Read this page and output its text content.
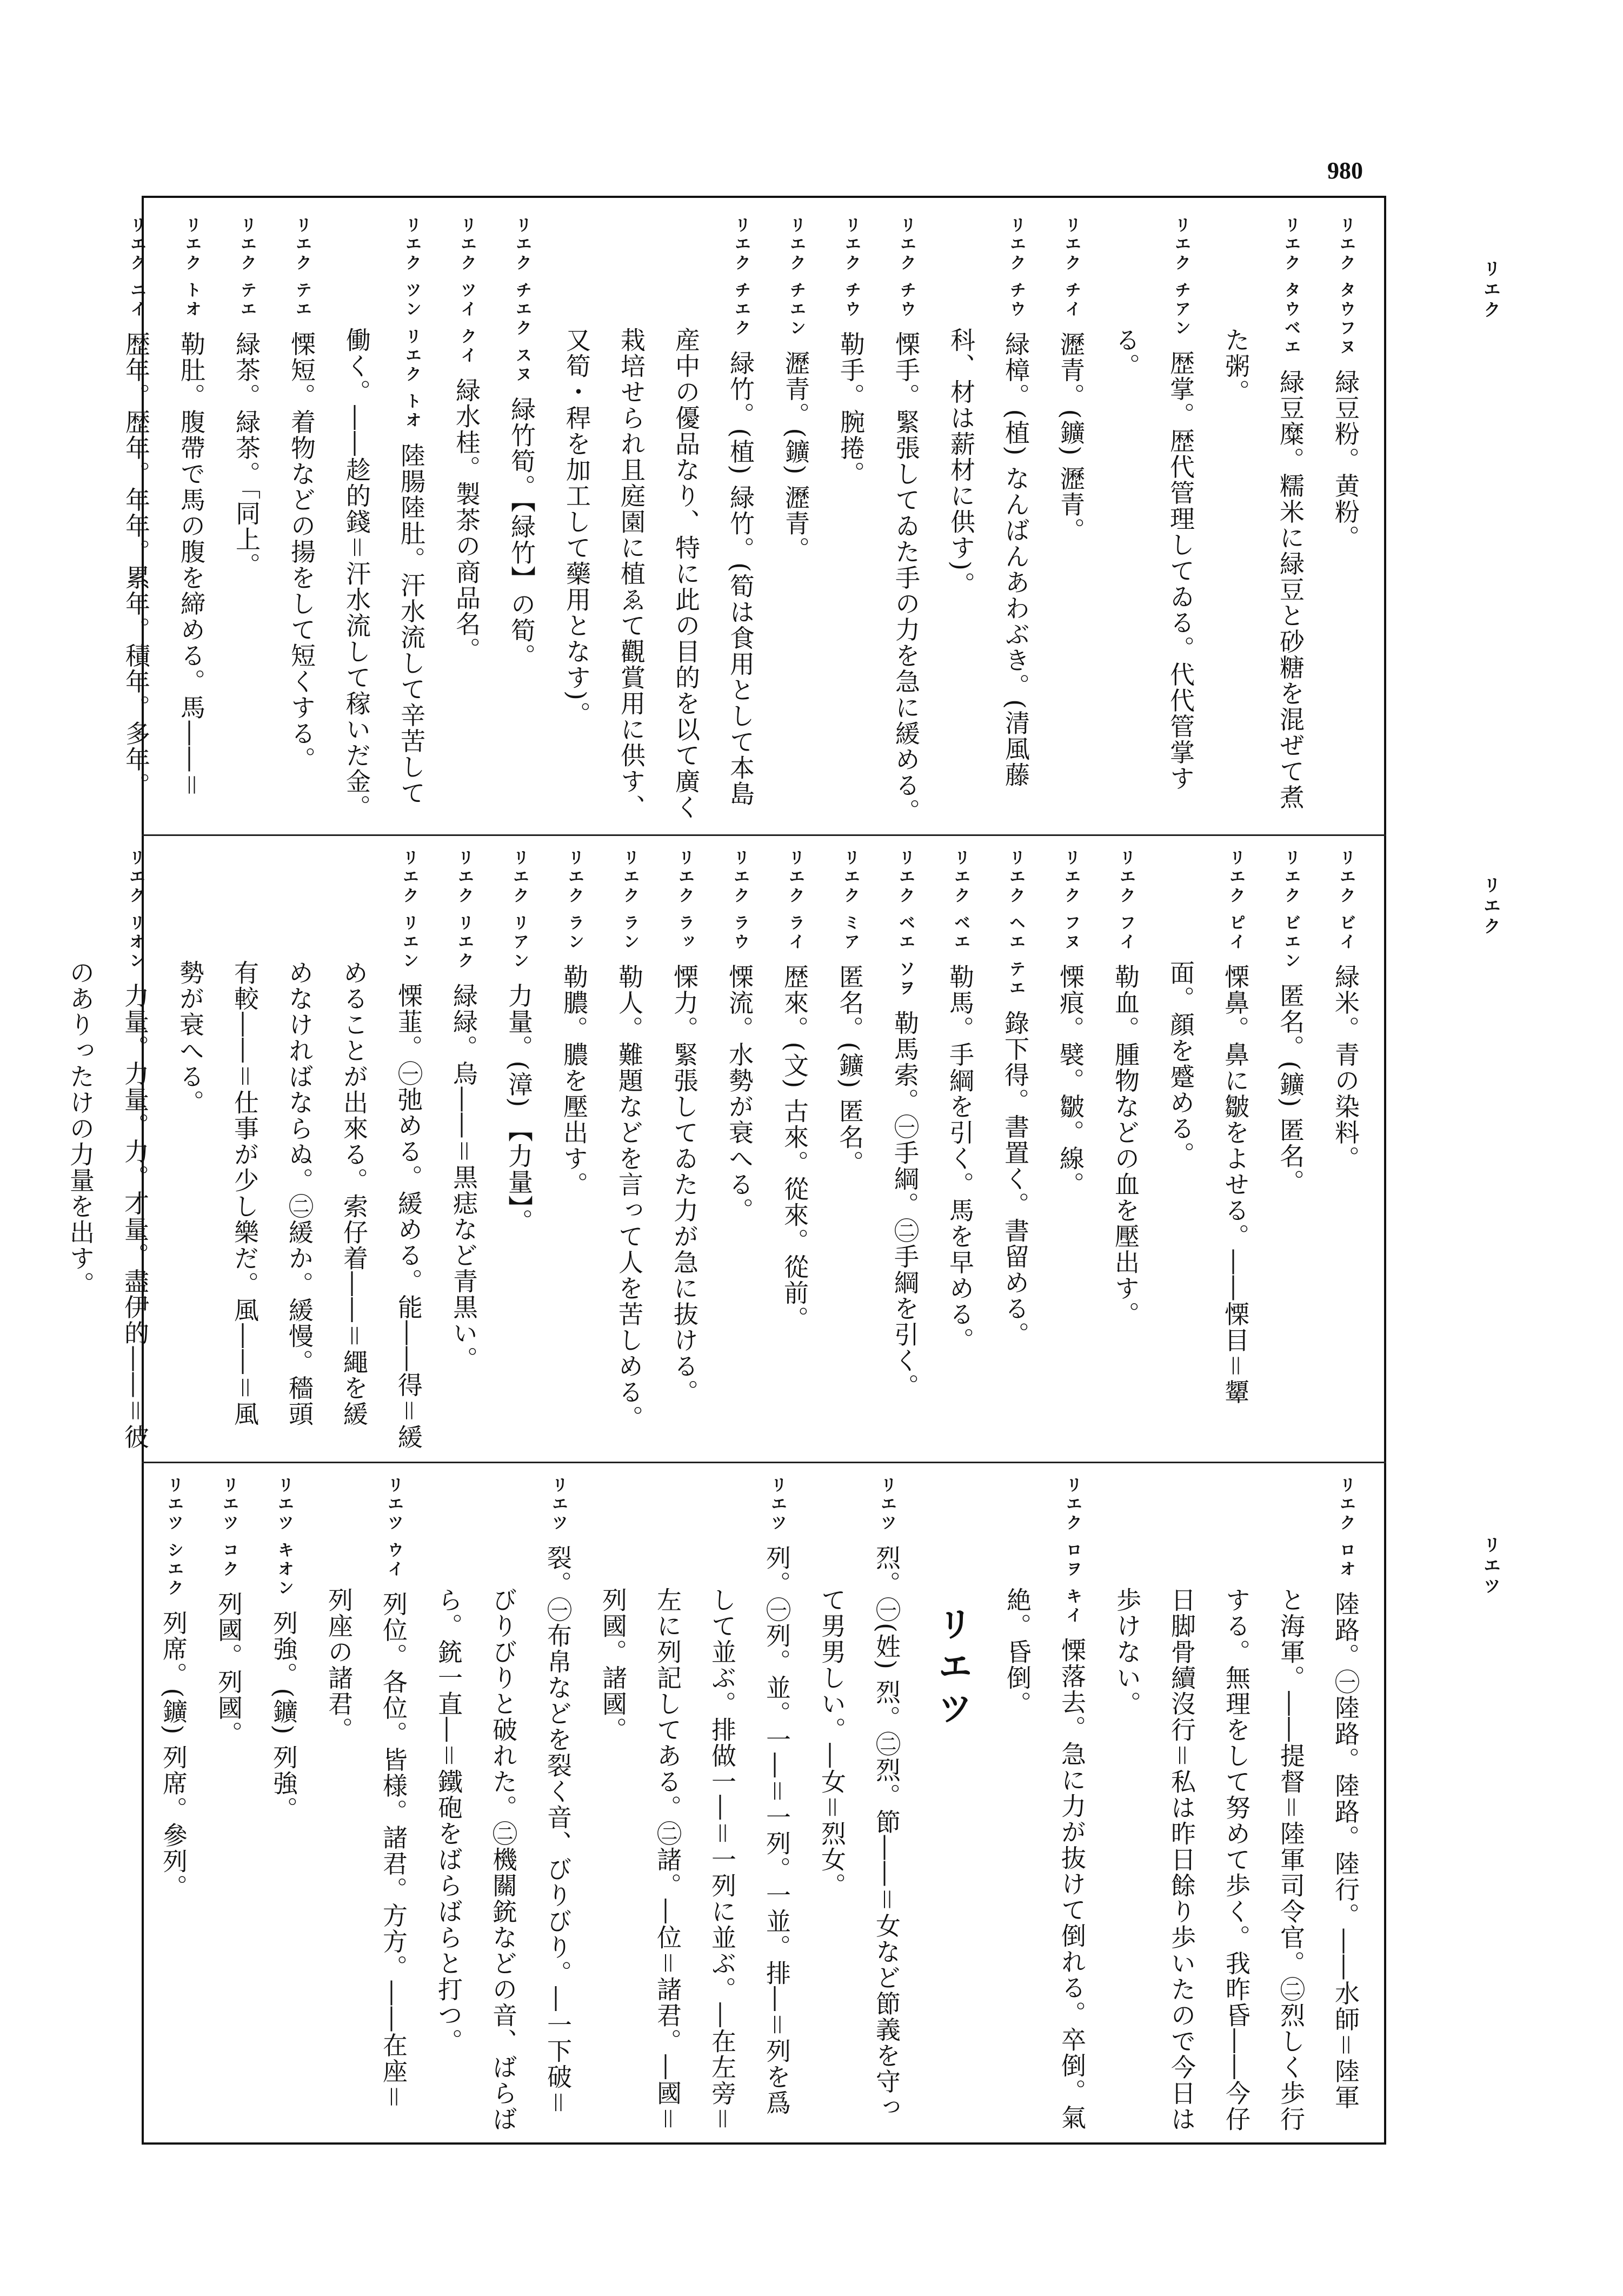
980
リエク
リエク
リエツ

リエク タウフヌ緑豆粉。黄粉。

リエク タウベエ緑豆糜。糯米に緑豆と砂糖を混ぜて煮た粥。

リエク チアン歴掌。歴代管理してゐる。代代管掌する。

リエク チイ瀝青。(鑛) 瀝青。

リエク チウ緑樟。(植) なんばんあわぶき。(清風藤科、材は薪材に供す)。

リエク チウ慄手。緊張してゐた手の力を急に緩める。

リエク チウ勒手。腕捲。

リエク チエン瀝青。(鑛) 瀝青。

リエク チエク緑竹。(植) 緑竹。(筍は食用として本島産中の優品なり、特に此の目的を以て廣く栽培せられ且庭園に植ゑて觀賞用に供す、又筍・稈を加工して藥用となす)。

リエク チエク スヌ緑竹筍。【緑竹】の筍。

リエク ツイ クイ緑水桂。製茶の商品名。

リエク ツン リエク トオ陸腸陸肚。汗水流して辛苦して働く。――趁的錢＝汗水流して稼いだ金。

リエク テエ慄短。着物などの揚をして短くする。

リエク テエ緑茶。緑茶。「同上。

リエク トオ勒肚。腹帶で馬の腹を締める。馬――＝

リエク ニイ歴年。歴年。年年。累年。積年。多年。

リエク ビイ緑米。青の染料。

リエク ビエン匿名。(鑛) 匿名。

リエク ピイ慄鼻。鼻に皺をよせる。――慄目＝顰面。顔を蹙める。

リエク フイ勒血。腫物などの血を壓出す。

リエク フヌ慄痕。襞。皺。線。

リエク ヘエ テエ錄下得。書置く。書留める。

リエク ベエ勒馬。手綱を引く。馬を早める。

リエク ベエ ソヲ勒馬索。㊀手綱。㊁手綱を引く。

リエク ミア匿名。(鑛) 匿名。

リエク ライ歴來。(文) 古來。從來。從前。

リエク ラウ慄流。水勢が衰へる。

リエク ラッ慄力。緊張してゐた力が急に抜ける。

リエク ラン勒人。難題などを言って人を苦しめる。

リエク ラン勒膿。膿を壓出す。

リエク リアン力量。(漳) 【力量】。

リエク リエク緑緑。烏――＝黒痣など青黒い。

リエク リエン慄韮。㊀弛める。緩める。能――得＝緩めることが出來る。索仔着――＝繩を緩めなければならぬ。㊁緩か。緩慢。穡頭有較――＝仕事が少し樂だ。風――＝風勢が衰へる。

リエク リオン力量。力量。力。才量。盡伊的――＝彼のありったけの力量を出す。

リエク ロオ陸路。㊀陸路。陸路。陸行。――水師＝陸軍と海軍。――提督＝陸軍司令官。㊁烈しく歩行する。無理をして努めて歩く。我昨昏――今仔日脚骨續沒行＝私は昨日餘り歩いたので今日は歩けない。

リエク ロヲ キイ慄落去。急に力が抜けて倒れる。卒倒。氣絶。昏倒。

リエツ

リエツ烈。㊀(姓) 烈。㊁烈。節――＝女など節義を守って男男しい。―女＝烈女。

リエツ列。㊀列。並。一―＝一列。一並。排―＝列を爲して並ぶ。排做一―＝一列に並ぶ。―在左旁＝左に列記してある。㊁諸。―位＝諸君。―國＝列國。諸國。

リエツ裂。㊀布帛などを裂く音、びりびり。―一下破＝びりびりと破れた。㊁機關銃などの音、ばらばら。銃一直―＝鐵砲をばらばらと打つ。

リエツ ウイ列位。各位。皆様。諸君。方方。――在座＝列座の諸君。

リエツ キオン列強。(鑛) 列強。

リエツ コク列國。列國。

リエツ シエク列席。(鑛) 列席。參列。
